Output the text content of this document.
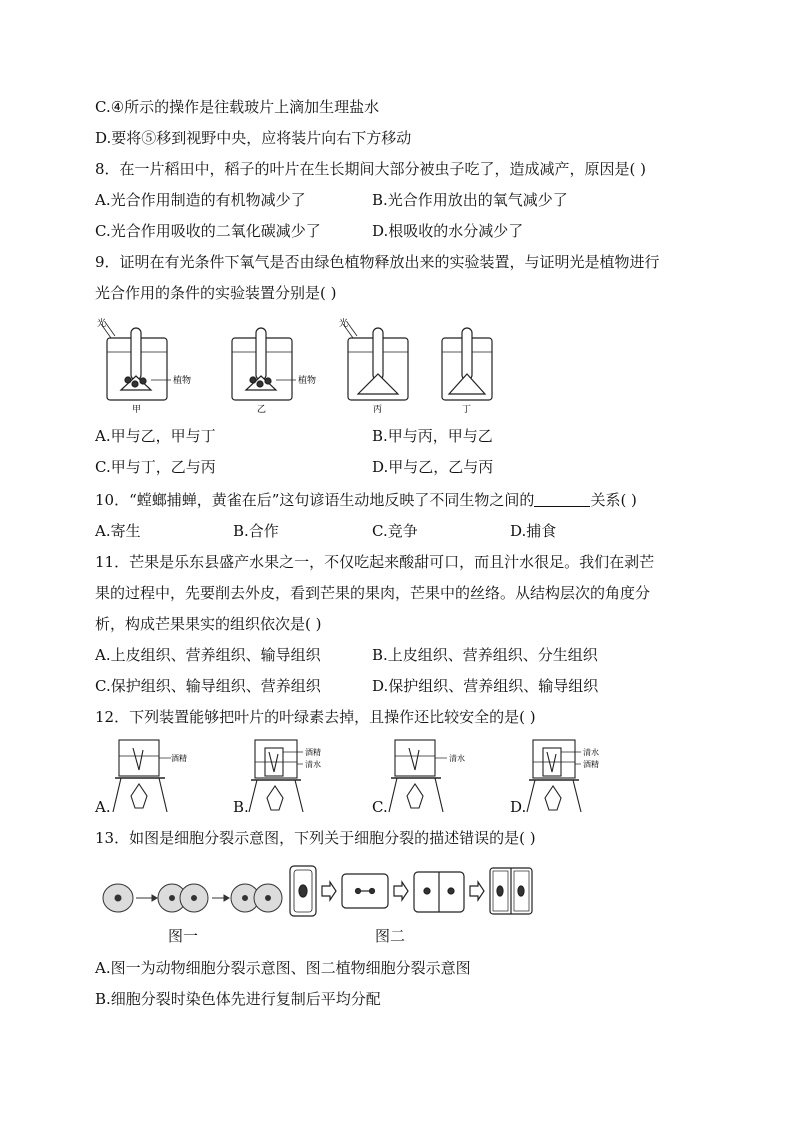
C.④所示的操作是往载玻片上滴加生理盐水
D.要将⑤移到视野中央，应将装片向右下方移动
8．在一片稻田中，稻子的叶片在生长期间大部分被虫子吃了，造成减产，原因是( )
A.光合作用制造的有机物减少了	B.光合作用放出的氧气减少了
C.光合作用吸收的二氧化碳减少了	D.根吸收的水分减少了
9．证明在有光条件下氧气是否由绿色植物释放出来的实验装置，与证明光是植物进行
光合作用的条件的实验装置分别是( )
光
植物
甲
植物
乙
光
丙	丁
A.甲与乙，甲与丁	B.甲与丙，甲与乙
C.甲与丁，乙与丙	D.甲与乙，乙与丙
10．“螳螂捕蝉，黄雀在后”这句谚语生动地反映了不同生物之间的	关系( )
A.寄生	B.合作	C.竞争	D.捕食
11．芒果是乐东县盛产水果之一，不仅吃起来酸甜可口，而且汁水很足。我们在剥芒
果的过程中，先要削去外皮，看到芒果的果肉，芒果中的丝络。从结构层次的角度分
析，构成芒果果实的组织依次是( )
A.上皮组织、营养组织、输导组织	B.上皮组织、营养组织、分生组织
C.保护组织、输导组织、营养组织	D.保护组织、营养组织、输导组织
12．下列装置能够把叶片的叶绿素去掉，且操作还比较安全的是( )
酒精
酒精
清水
清水
清水
酒精
A.	B.	C.	D.
13．如图是细胞分裂示意图，下列关于细胞分裂的描述错误的是( )
图一	图二
A.图一为动物细胞分裂示意图、图二植物细胞分裂示意图
B.细胞分裂时染色体先进行复制后平均分配
